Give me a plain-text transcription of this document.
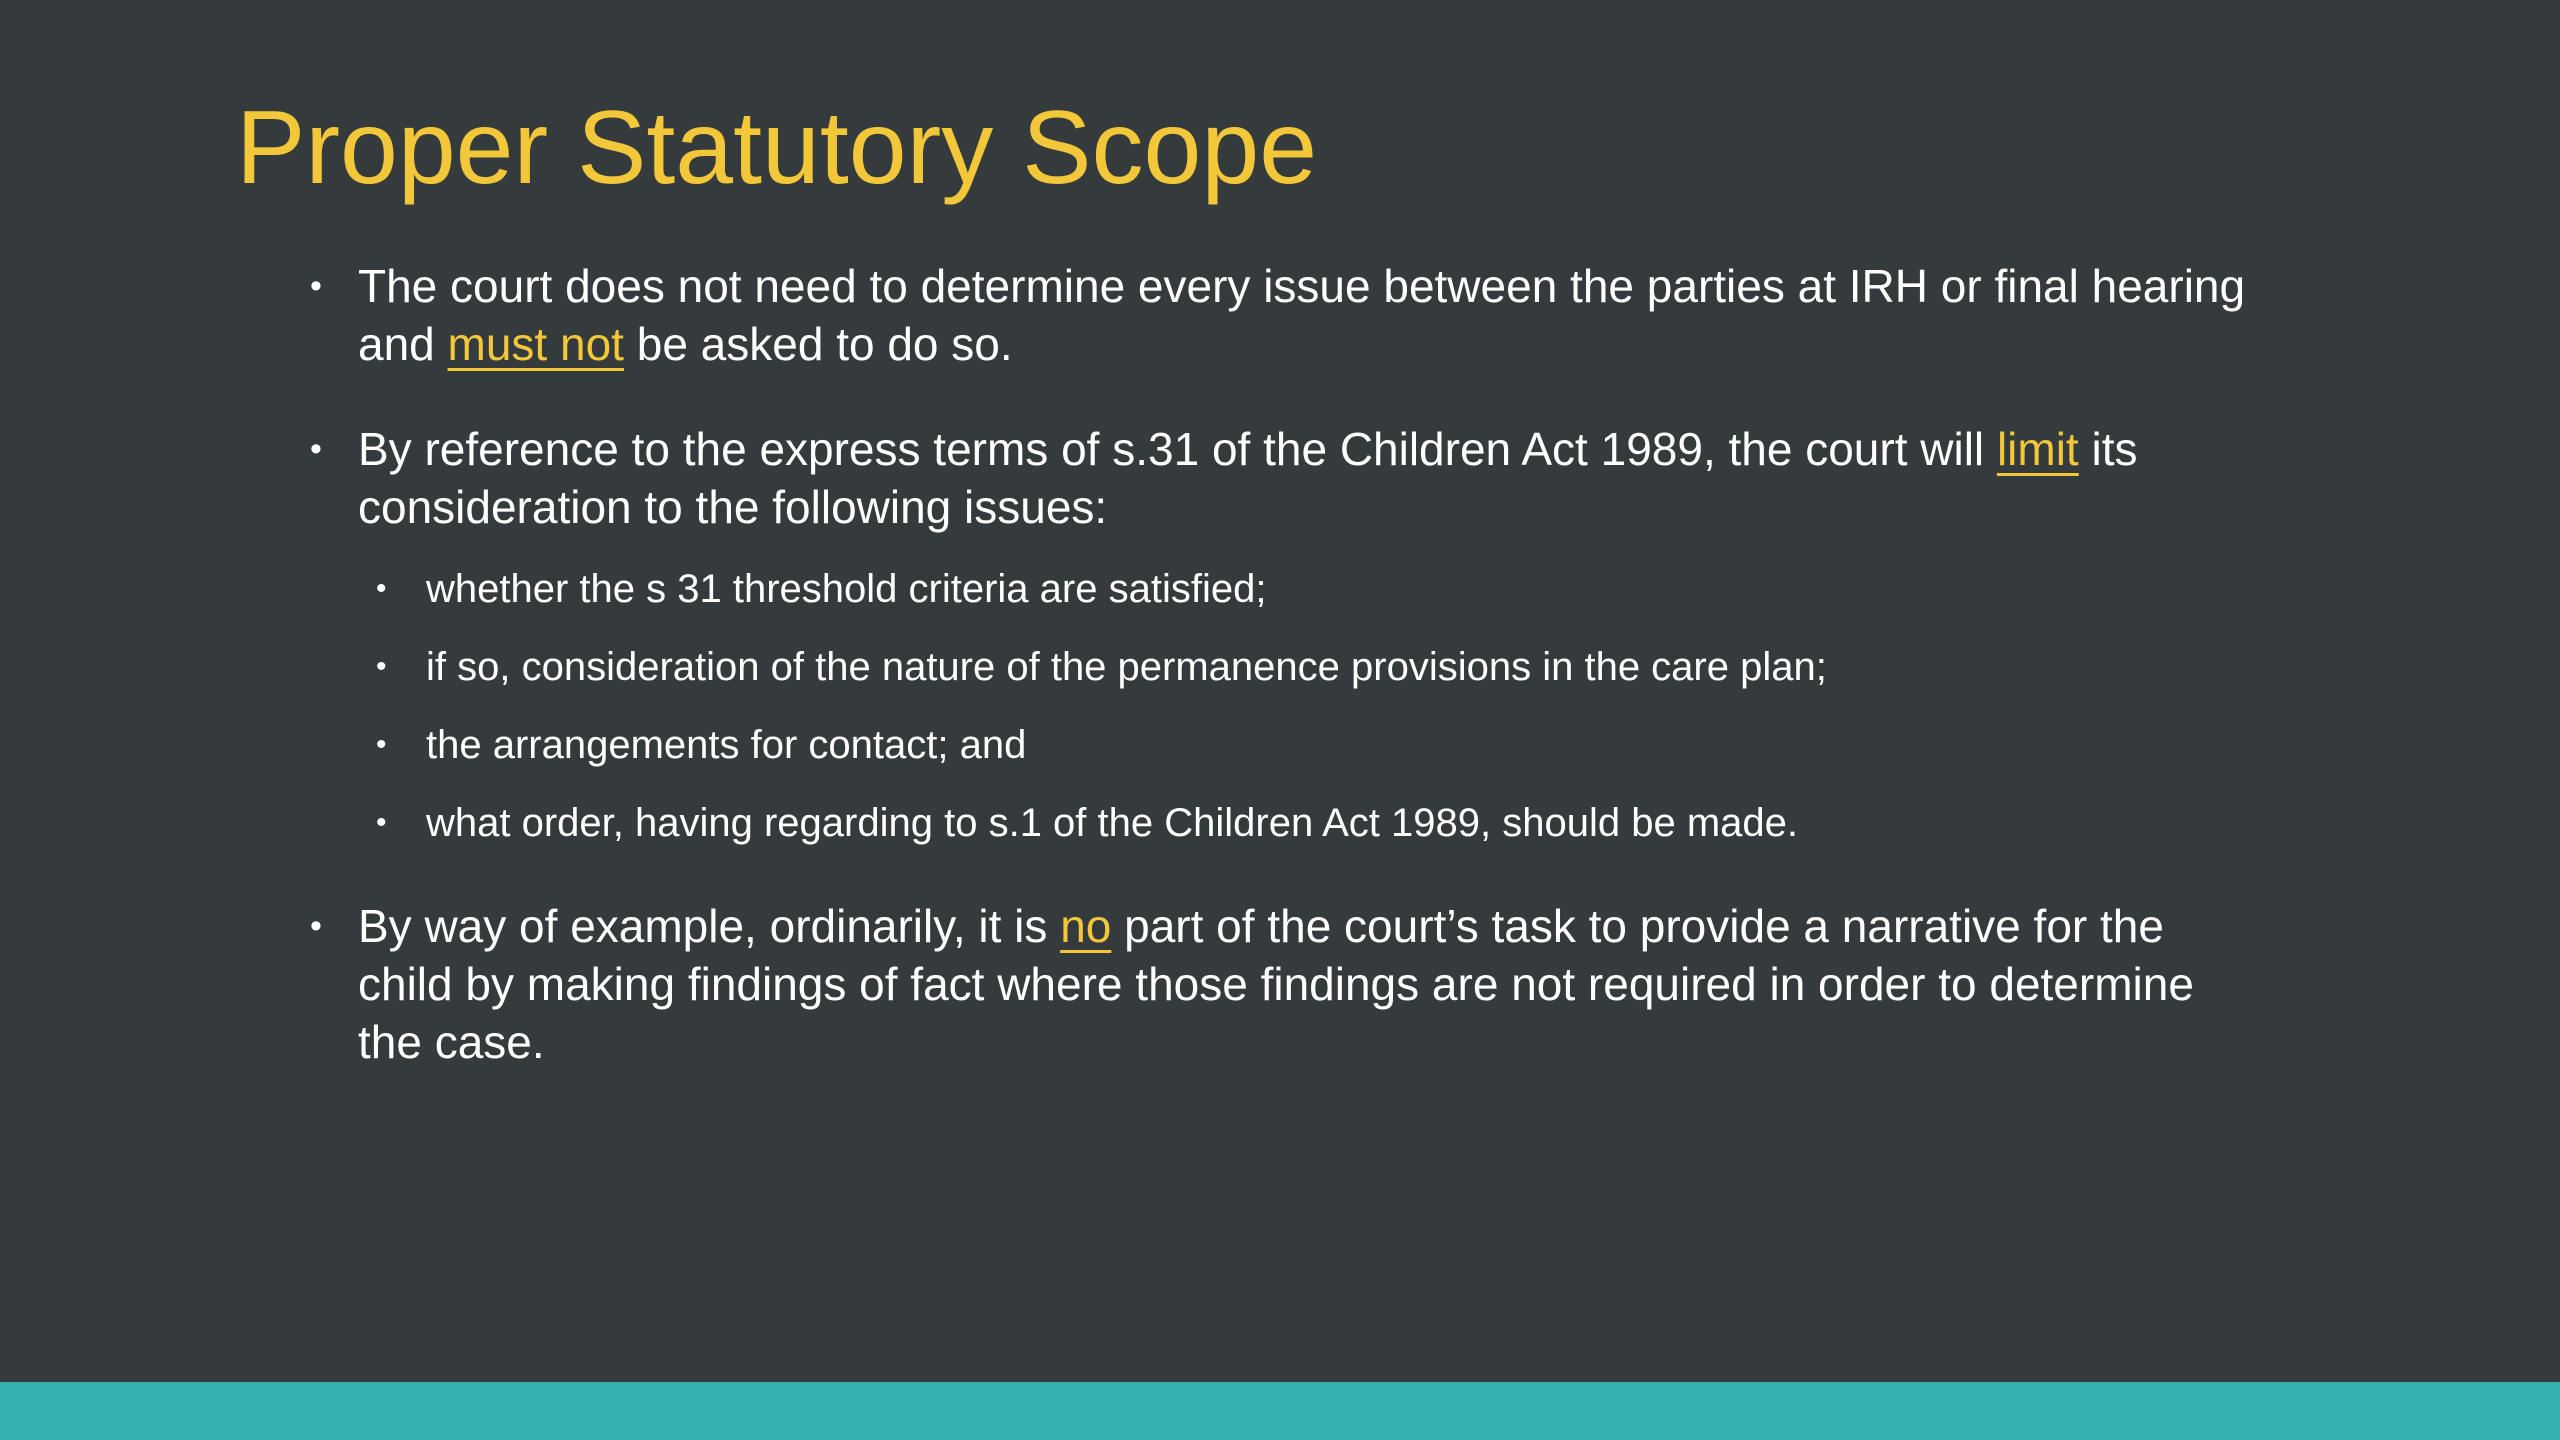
Proper Statutory Scope
• The court does not need to determine every issue between the parties at IRH or final hearing and must not be asked to do so.
• By reference to the express terms of s.31 of the Children Act 1989, the court will limit its consideration to the following issues:
• whether the s 31 threshold criteria are satisfied;
• if so, consideration of the nature of the permanence provisions in the care plan;
• the arrangements for contact; and
• what order, having regarding to s.1 of the Children Act 1989, should be made.
• By way of example, ordinarily, it is no part of the court’s task to provide a narrative for the child by making findings of fact where those findings are not required in order to determine the case.
